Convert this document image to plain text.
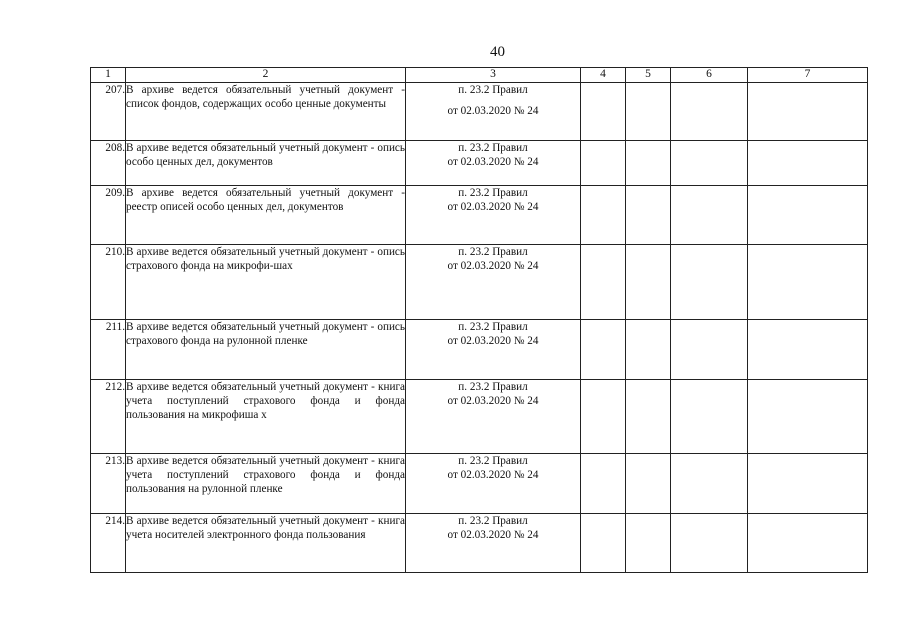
40
1	2	3	4	5	6	7
207.	В архиве ведется обязательный учетный документ - список фондов, содержащих особо ценные документы	п. 23.2 Правил
от 02.03.2020 № 24				

208.	В архиве ведется обязательный учетный документ - опись особо ценных дел, документов	п. 23.2 Правил
от 02.03.2020 № 24				

209.	В архиве ведется обязательный учетный документ - реестр описей особо ценных дел, документов	п. 23.2 Правил
от 02.03.2020 № 24				

210.	В архиве ведется обязательный учетный документ - опись страхового фонда на микрофи-шах	п. 23.2 Правил
от 02.03.2020 № 24				

211.	В архиве ведется обязательный учетный документ - опись страхового фонда на рулонной пленке	п. 23.2 Правил
от 02.03.2020 № 24				

212.	В архиве ведется обязательный учетный документ - книга учета поступлений страхового фонда и фонда пользования на микрофиша х	п. 23.2 Правил
от 02.03.2020 № 24				

213.	В архиве ведется обязательный учетный документ - книга учета поступлений страхового фонда и фонда пользования на рулонной пленке	п. 23.2 Правил
от 02.03.2020 № 24				

214.	В архиве ведется обязательный учетный документ - книга учета носителей электронного фонда пользования	п. 23.2 Правил
от 02.03.2020 № 24				
